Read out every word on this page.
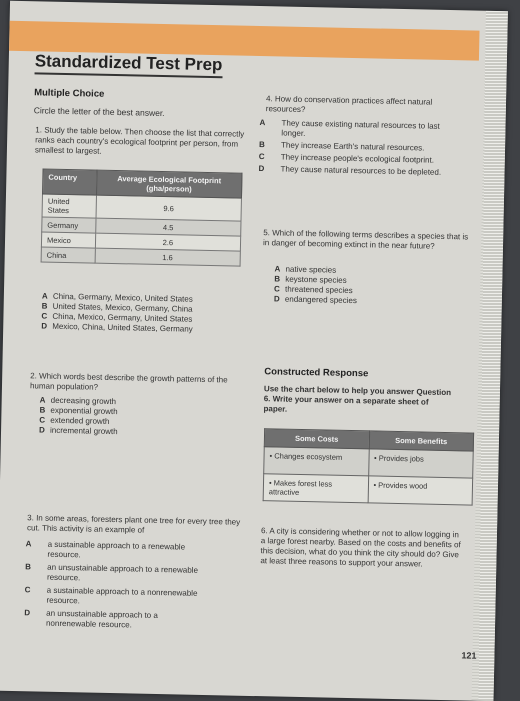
Standardized Test Prep
Multiple Choice
Circle the letter of the best answer.
1. Study the table below. Then choose the list that correctly ranks each country's ecological footprint per person, from smallest to largest.
Country	Average Ecological Footprint (gha/person)
United States	9.6
Germany	4.5
Mexico	2.6
China	1.6
A China, Germany, Mexico, United States
B United States, Mexico, Germany, China
C China, Mexico, Germany, United States
D Mexico, China, United States, Germany
2. Which words best describe the growth patterns of the human population?
A decreasing growth
B exponential growth
C extended growth
D incremental growth
3. In some areas, foresters plant one tree for every tree they cut. This activity is an example of
A a sustainable approach to a renewable resource.
B an unsustainable approach to a renewable resource.
C a sustainable approach to a nonrenewable resource.
D an unsustainable approach to a nonrenewable resource.
4. How do conservation practices affect natural resources?
A They cause existing natural resources to last longer.
B They increase Earth's natural resources.
C They increase people's ecological footprint.
D They cause natural resources to be depleted.
5. Which of the following terms describes a species that is in danger of becoming extinct in the near future?
A native species
B keystone species
C threatened species
D endangered species
Constructed Response
Use the chart below to help you answer Question 6. Write your answer on a separate sheet of paper.
Some Costs	Some Benefits
• Changes ecosystem	• Provides jobs
• Makes forest less attractive	• Provides wood
6. A city is considering whether or not to allow logging in a large forest nearby. Based on the costs and benefits of this decision, what do you think the city should do? Give at least three reasons to support your answer.
121
